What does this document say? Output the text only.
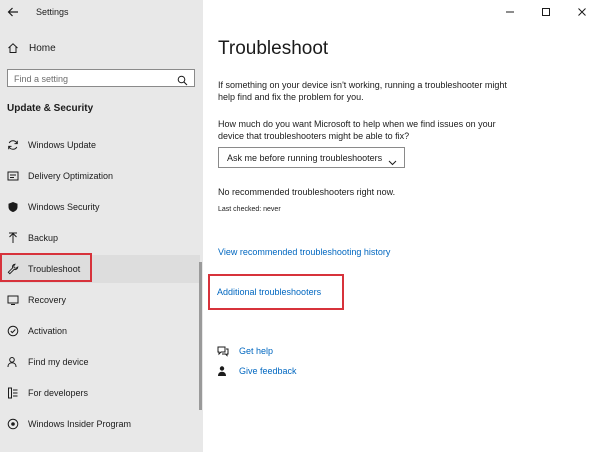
Settings
Home
Find a setting
Update & Security
Windows Update
Delivery Optimization
Windows Security
Backup
Troubleshoot
Recovery
Activation
Find my device
For developers
Windows Insider Program
Troubleshoot
If something on your device isn't working, running a troubleshooter might help find and fix the problem for you.
How much do you want Microsoft to help when we find issues on your device that troubleshooters might be able to fix?
Ask me before running troubleshooters
No recommended troubleshooters right now.
Last checked: never
View recommended troubleshooting history
Additional troubleshooters
Get help
Give feedback
